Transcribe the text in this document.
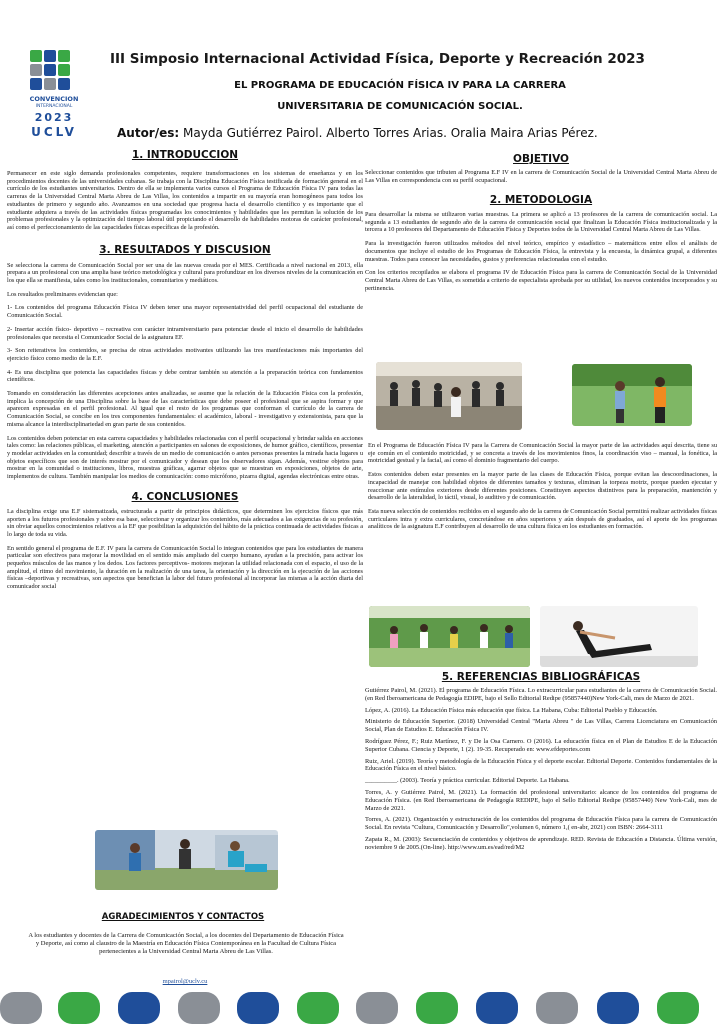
CONVENCION
INTERNACIONAL
2023
UCLV
III Simposio Internacional Actividad Física, Deporte y Recreación 2023
EL PROGRAMA DE EDUCACIÓN FÍSICA IV PARA LA CARRERA
UNIVERSITARIA DE COMUNICACIÓN SOCIAL.
Autor/es: Mayda Gutiérrez Pairol. Alberto Torres Arias. Oralia Maira Arias Pérez.
1. INTRODUCCION

Permanecer en este siglo demanda profesionales competentes, requiere transformaciones en los sistemas de enseñanza y en los procedimientos docentes de las universidades cubanas. Se trabaja con la Disciplina Educación Física testificada de formación general en el currículo de los estudiantes universitarios. Dentro de ella se implementa varios cursos el Programa de Educación Física IV para todas las carreras de la Universidad Central Marta Abreu de Las Villas, los contenidos a impartir en su mayoría eran homogéneos para todos los estudiantes de primero y segundo año. Avanzamos en una sociedad que progresa hacia el desarrollo científico y es importante que el estudiante adquiera a través de las actividades físicas programadas los conocimientos y habilidades que les permitan la solución de los problemas profesionales y la optimización del tiempo laboral útil propiciando el desarrollo de habilidades motoras de carácter profesional, así como el perfeccionamiento de las capacidades físicas específicas de la profesión.

3. RESULTADOS Y DISCUSION

Se selecciona la carrera de Comunicación Social por ser una de las nuevas creada por el MES. Certificada a nivel nacional en 2013, ella prepara a un profesional con una amplia base teórico metodológica y cultural para profundizar en los diversos niveles de la comunicación en los que ella se manifiesta, tales como los institucionales, comunitarios y mediáticos.

Los resultados preliminares evidencian que:

1- Los contenidos del programa Educación Física IV deben tener una mayor representatividad del perfil ocupacional del estudiante de Comunicación Social.

2- Insertar acción físico- deportivo – recreativa con carácter intramiversitario para potenciar desde el inicio el desarrollo de habilidades profesionales que necesita el Comunicador Social de la asignatura EF.

3- Son reiterativos los contenidos, se precisa de otras actividades motivantes utilizando las tres manifestaciones más importantes del ejercicio físico como medio de la E.F.

4- Es una disciplina que potencia las capacidades físicas y debe centrar también su atención a la preparación teórica con fundamentos científicos.

Tomando en consideración las diferentes acepciones antes analizadas, se asume que la relación de la Educación Física con la profesión, implica la concepción de una Disciplina sobre la base de las características que debe poseer el profesional que se aspira formar y que aparecen expresadas en el perfil profesional. Al igual que el resto de los programas que conforman el currículo de la carrera de Comunicación Social, se concibe en los tres componentes fundamentales: el académico, laboral - investigativo y extensionista, para que la misma alcance la interdisciplinariedad en gran parte de sus contenidos.

Los contenidos deben potenciar en esta carrera capacidades y habilidades relacionadas con el perfil ocupacional y brindar salida en acciones tales como: las relaciones públicas, el marketing, atención a participantes en salones de exposiciones, de humor gráfico, científicos, presentar y modelar actividades en la comunidad; describir a través de un medio de comunicación o antes personas presentes la mirada hacia lugares u objetos específicos que son de interés mostrar por el comunicador y desean que los observadores sigan. Además, vestirse objetos para mostrar en la comunidad o instituciones, libros, muestras gráficas, agarrar objetos que se muestran en exposiciones, objetos de arte, implementos de cultura. También manipular los medios de comunicación: como micrófono, pizarra digital, agendas electrónicas entre otras.

4. CONCLUSIONES

La disciplina exige una E.F sistematizada, estructurada a partir de principios didácticos, que determinen los ejercicios físicos que más aporten a los futuros profesionales y sobre esa base, seleccionar y organizar los contenidos, más adecuados a las exigencias de su profesión, sin obviar aquellos conocimientos relativos a la EF que posibilitan la adquisición del hábito de la práctica continuada de actividades físicas a lo largo de toda su vida.

En sentido general el programa de E.F. IV para la carrera de Comunicación Social lo integran contenidos que para los estudiantes de manera particular son efectivos para mejorar la movilidad en el sentido más ampliado del cuerpo humano, ayudan a la precisión, para activar los pequeños músculos de las manos y los dedos. Los factores perceptivos- motores mejoran la utilidad relacionada con el espacio, el uso de la amplitud, el ritmo del movimiento, la duración en la realización de una tarea, la orientación y la dirección en la ejecución de las acciones físicas –deportivas y recreativas, son aspectos que benefician la labor del futuro profesional al incorporar las mismas a la acción diaria del comunicador social

AGRADECIMIENTOS Y CONTACTOS

A los estudiantes y docentes de la Carrera de Comunicación Social, a los docentes del Departamento de Educación Física y Deporte, así como al claustro de la Maestría en Educación Física Contemporánea en la Facultad de Cultura Física pertenecientes a la Universidad Central Marta Abreu de Las Villas.

mpairol@uclv.cu
OBJETIVO

Seleccionar contenidos que tributen al Programa E.F IV en la carrera de Comunicación Social de la Universidad Central Marta Abreu de Las Villas en correspondencia con su perfil ocupacional.

2. METODOLOGIA

Para desarrollar la misma se utilizaron varias muestras. La primera se aplicó a 13 profesores de la carrera de comunicación social. La segunda a 13 estudiantes de segundo año de la carrera de comunicación social que finalizan la Educación Física institucionalizada y la tercera a 10 profesores del Departamento de Educación Física y Deportes todos de la Universidad Central Marta Abreu de Las Villas.

Para la investigación fueron utilizados métodos del nivel teórico, empírico y estadístico – matemáticos entre ellos el análisis de documentos que incluye el estudio de los Programas de Educación Física, la entrevista y la encuesta, la dinámica grupal, a diferentes muestras. Todos para conocer las necesidades, gustos y preferencias relacionadas con el estudio.

Con los criterios recopilados se elabora el programa IV de Educación Física para la carrera de Comunicación Social de la Universidad Central Marta Abreu de Las Villas, es sometida a criterio de especialista aprobada por su utilidad, los nuevos contenidos incorporados y su pertinencia.

En el Programa de Educación Física IV para la Carrera de Comunicación Social la mayor parte de las actividades aquí descrita, tiene su eje común en el contenido motricidad, y se concreta a través de los movimientos finos, la coordinación viso – manual, la fonética, la motricidad gestual y la facial, así como el dominio fragmentario del cuerpo.

Estos contenidos deben estar presentes en la mayor parte de las clases de Educación Física, porque evitan las descoordinaciones, la incapacidad de manejar con habilidad objetos de diferentes tamaños y texturas, eliminan la torpeza motriz, porque pueden ejecutar y reaccionar ante estímulos exteriores desde diferentes posiciones. Constituyen aspectos distintivos para la preparación, mantención y desarrollo de la lateralidad, lo táctil, visual, lo auditivo y de comunicación.

Esta nueva selección de contenidos recibidos en el segundo año de la carrera de Comunicación Social permitirá realizar actividades físicas curriculares intra y extra curriculares, concretándose en años superiores y aún después de graduados, así el aporte de los programas analíticos de la asignatura E.F contribuyen al desarrollo de una cultura física en los estudiantes en formación.

5. REFERENCIAS BIBLIOGRÁFICAS

Gutiérrez Pairol, M. (2021). El programa de Educación Física. Lo extracurricular para estudiantes de la carrera de Comunicación Social. (en Red Iberoamericana de Pedagogía EDIPE, bajo el Sello Editorial Redipe (95857440)New York-Cali, mes de Marzo de 2021.

López, A. (2016). La Educación Física más educación que física. La Habana, Cuba: Editorial Pueblo y Educación.

Ministerio de Educación Superior. (2018) Universidad Central "Marta Abreu " de Las Villas, Carrera Licenciatura en Comunicación Social, Plan de Estudios E. Educación Física IV.

Rodríguez Pérez, F.; Ruiz Martínez, F. y De la Osa Carnero. O (2016). La educación física en el Plan de Estudios E de la Educación Superior Cubana. Ciencia y Deporte, 1 (2). 19-35. Recuperado en: www.efdeportes.com

Ruiz, Ariel. (2019). Teoría y metodología de la Educación Física y el deporte escolar. Editorial Deporte. Contenidos fundamentales de la Educación Física en el nivel básico.

__________. (2003). Teoría y práctica curricular. Editorial Deporte. La Habana.

Torres, A. y Gutiérrez Pairol, M. (2021). La formación del profesional universitario: alcance de los contenidos del programa de Educación Física. (en Red Iberoamericana de Pedagogía REDIPE, bajo el Sello Editorial Redipe (95857440) New York-Cali, mes de Marzo de 2021.

Torres, A. (2021). Organización y estructuración de los contenidos del programa de Educación Física para la carrera de Comunicación Social. En revista "Cultura, Comunicación y Desarrollo",volumen 6, número 1,( en-abr, 2021) con ISBN: 2664-3111

Zapata R., M. (2003): Secuenciación de contenidos y objetivos de aprendizaje. RED. Revista de Educación a Distancia. Última versión, noviembre 9 de 2005.(On-line). http://www.um.es/ead/red/M2
